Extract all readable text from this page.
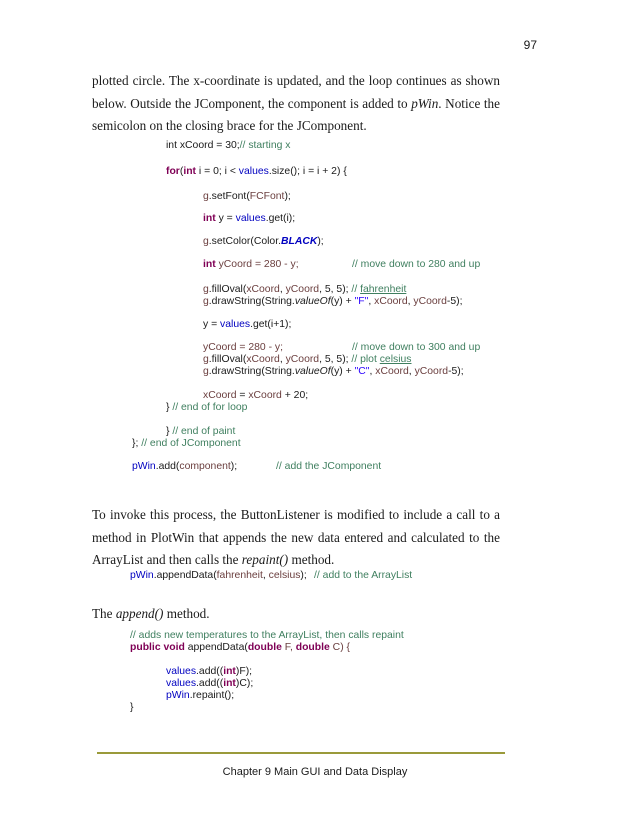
97

plotted circle. The x-coordinate is updated, and the loop continues as shown below. Outside the JComponent, the component is added to pWin. Notice the semicolon on the closing brace for the JComponent.

int xCoord = 30;// starting x
for(int i = 0; i < values.size(); i = i + 2) {
g.setFont(FCFont);
int y = values.get(i);
g.setColor(Color.BLACK);
int yCoord = 280 - y;	// move down to 280 and up
g.fillOval(xCoord, yCoord, 5, 5); // fahrenheit
g.drawString(String.valueOf(y) + "F", xCoord, yCoord-5);
y = values.get(i+1);
yCoord = 280 - y;	// move down to 300 and up
g.fillOval(xCoord, yCoord, 5, 5); // plot celsius
g.drawString(String.valueOf(y) + "C", xCoord, yCoord-5);
xCoord = xCoord + 20;
} // end of for loop
} // end of paint
}; // end of JComponent
pWin.add(component);	// add the JComponent

To invoke this process, the ButtonListener is modified to include a call to a method in PlotWin that appends the new data entered and calculated to the ArrayList and then calls the repaint() method.

pWin.appendData(fahrenheit, celsius); // add to the ArrayList

The append() method.

// adds new temperatures to the ArrayList, then calls repaint
public void appendData(double F, double C) {
values.add((int)F);
values.add((int)C);
pWin.repaint();
}
Chapter 9 Main GUI and Data Display
